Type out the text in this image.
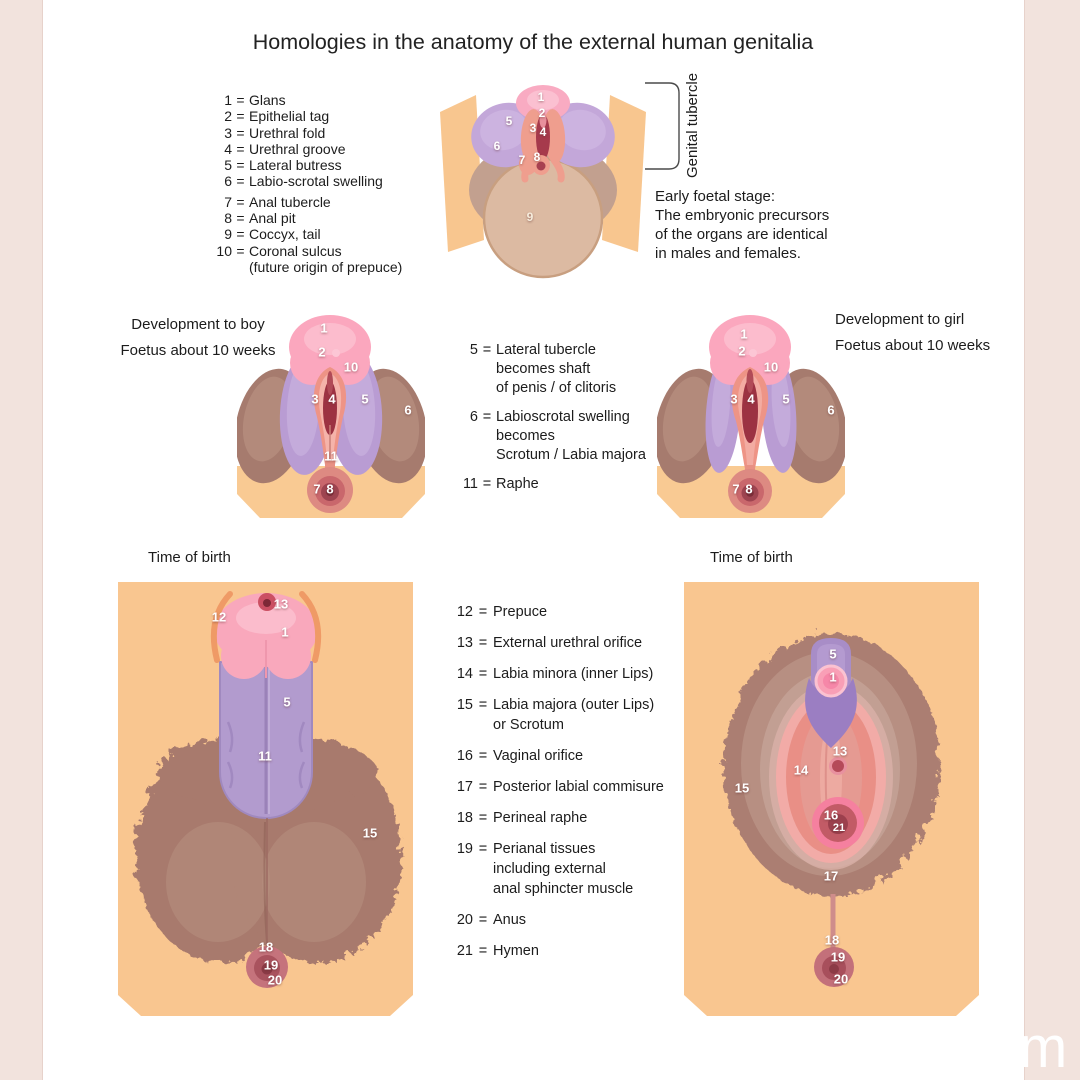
Homologies in the anatomy of the external human genitalia
1 = Glans
2 = Epithelial tag
3 = Urethral fold
4 = Urethral groove
5 = Lateral butress
6 = Labio-scrotal swelling
7 = Anal tubercle
8 = Anal pit
9 = Coccyx, tail
10 = Coronal sulcus
(future origin of prepuce)
1
2
5 3 4
6
7 8
9
Genital tubercle
Early foetal stage:
The embryonic precursors
of the organs are identical
in males and females.
Development to boy
Foetus about 10 weeks
Development to girl
Foetus about 10 weeks
5 = Lateral tubercle
becomes shaft
of penis / of clitoris
6 = Labioscrotal swelling
becomes
Scrotum / Labia majora
11 = Raphe
1
2
10
3 4 5
6
11
7 8
1
2
10
3 4 5
6
7 8
Time of birth	Time of birth
12 = Prepuce
13 = External urethral orifice
14 = Labia minora (inner Lips)
15 = Labia majora (outer Lips)
or Scrotum
16 = Vaginal orifice
17 = Posterior labial commisure
18 = Perineal raphe
19 = Perianal tissues
including external
anal sphincter muscle
20 = Anus
21 = Hymen
12
13
1
5
11
15
18
19
20
5
1
13
14
15
16
21
17
18
19
20
m
